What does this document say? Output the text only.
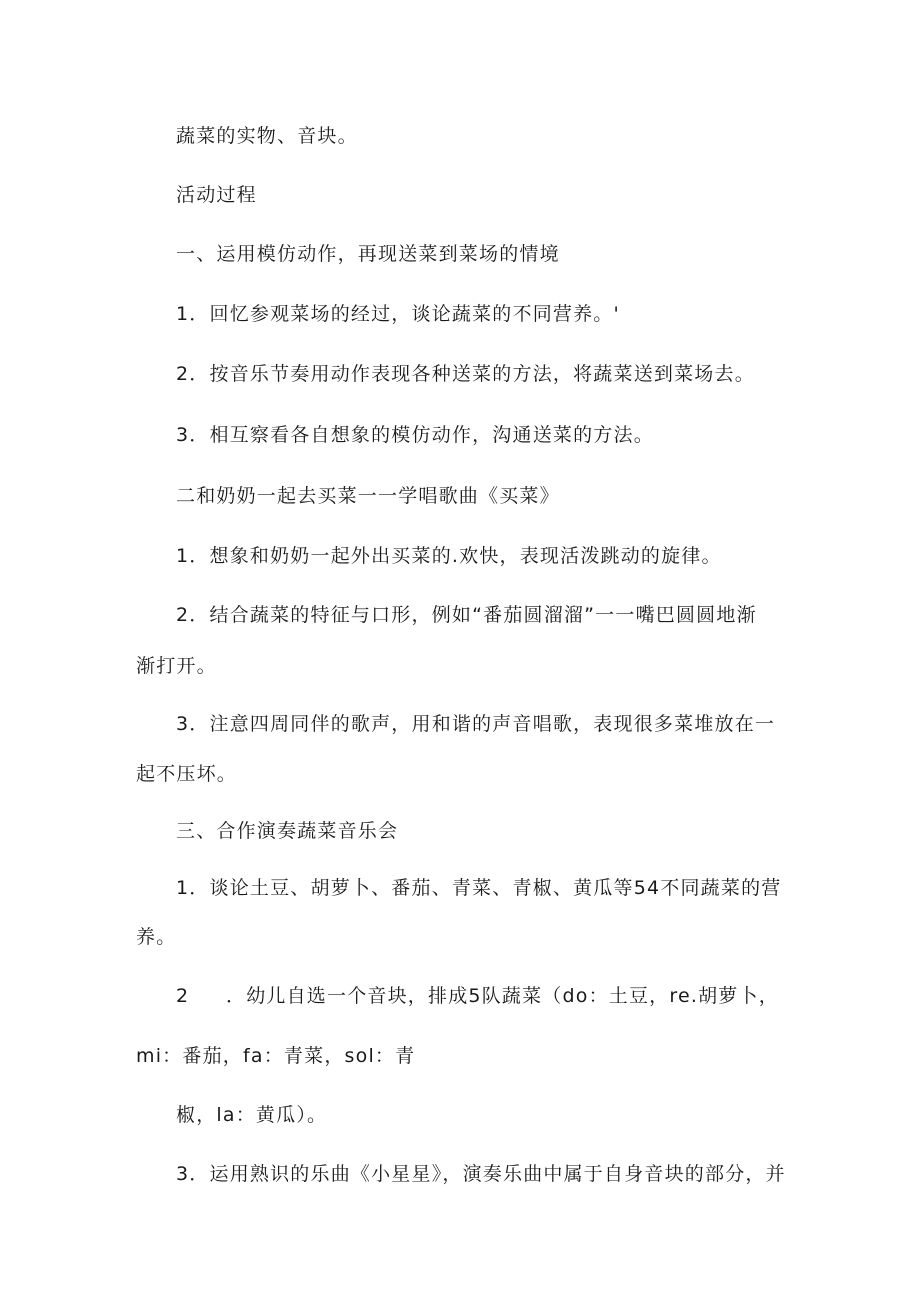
蔬菜的实物、音块。
活动过程
一、运用模仿动作，再现送菜到菜场的情境
1．回忆参观菜场的经过，谈论蔬菜的不同营养。'
2．按音乐节奏用动作表现各种送菜的方法，将蔬菜送到菜场去。
3．相互察看各自想象的模仿动作，沟通送菜的方法。
二和奶奶一起去买菜一一学唱歌曲《买菜》
1．想象和奶奶一起外出买菜的.欢快，表现活泼跳动的旋律。
2．结合蔬菜的特征与口形，例如“番茄圆溜溜”一一嘴巴圆圆地渐
渐打开。
3．注意四周同伴的歌声，用和谐的声音唱歌，表现很多菜堆放在一
起不压坏。
三、合作演奏蔬菜音乐会
1．谈论土豆、胡萝卜、番茄、青菜、青椒、黄瓜等54不同蔬菜的营
养。
2 ．幼儿自选一个音块，排成5队蔬菜（do：土豆，re.胡萝卜，
mi：番茄，fa：青菜，sol：青
椒，la：黄瓜）。
3．运用熟识的乐曲《小星星》，演奏乐曲中属于自身音块的部分，并
